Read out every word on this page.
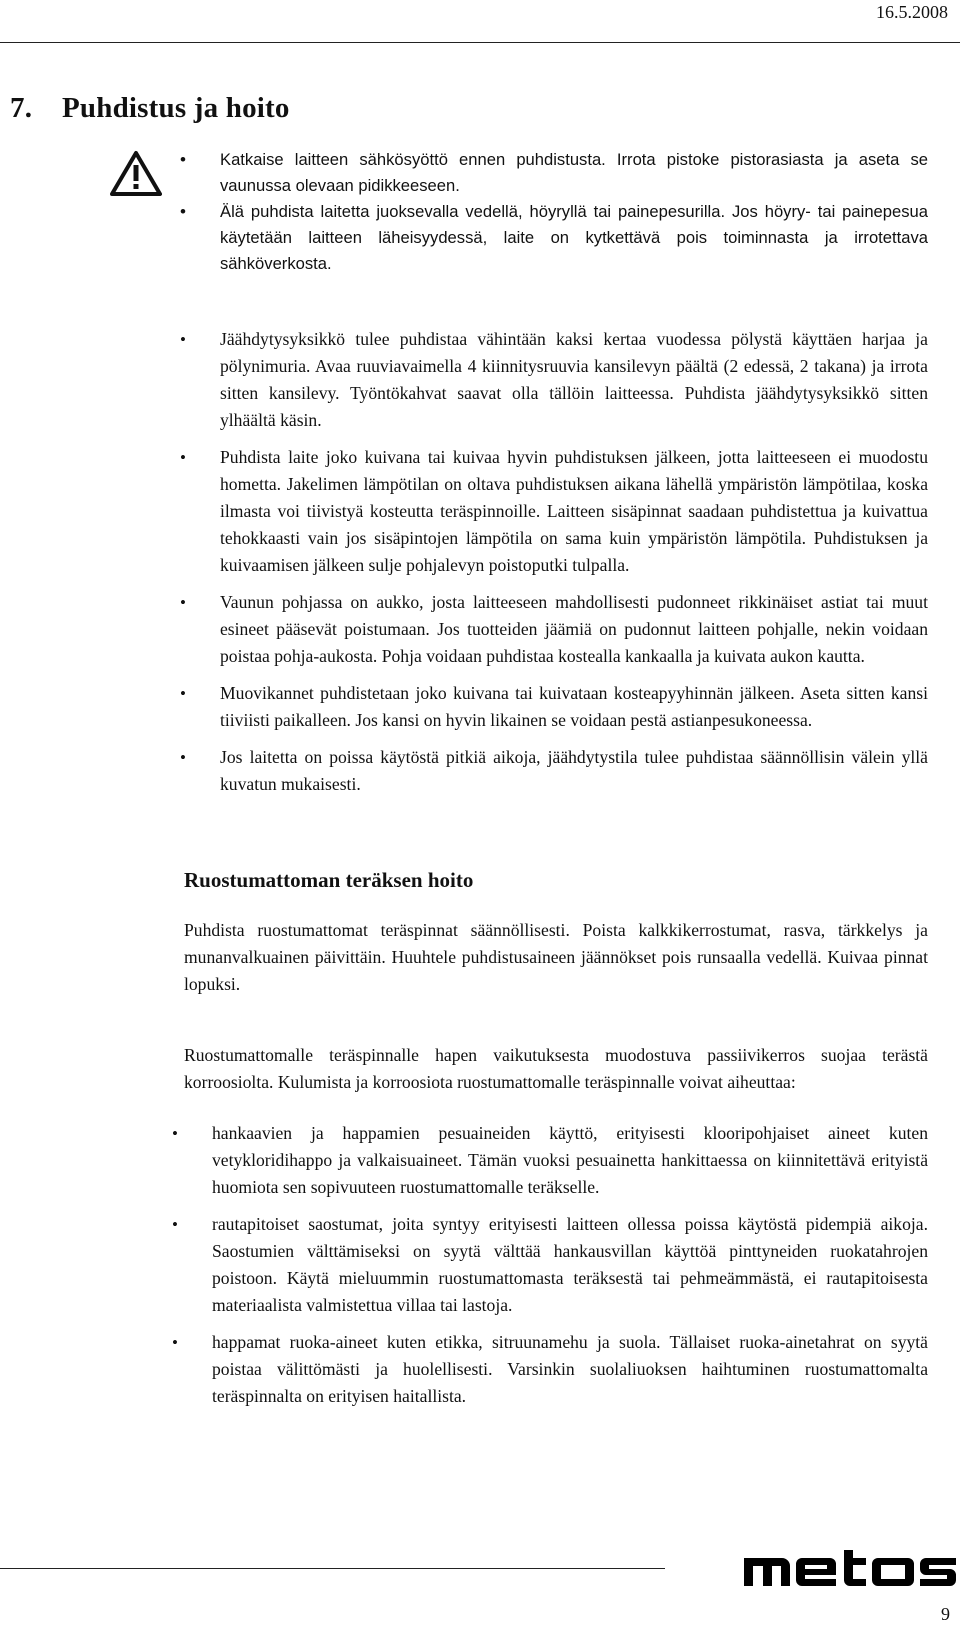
16.5.2008
7. Puhdistus ja hoito
• Katkaise laitteen sähkösyöttö ennen puhdistusta. Irrota pistoke pistorasiasta ja aseta se vaunussa olevaan pidikkeeseen.
• Älä puhdista laitetta juoksevalla vedellä, höyryllä tai painepesurilla. Jos höyry- tai painepesua käytetään laitteen läheisyydessä, laite on kytkettävä pois toiminnasta ja irrotettava sähköverkosta.
• Jäähdytysyksikkö tulee puhdistaa vähintään kaksi kertaa vuodessa pölystä käyttäen harjaa ja pölynimuria. Avaa ruuviavaimella 4 kiinnitysruuvia kansilevyn päältä (2 edessä, 2 takana) ja irrota sitten kansilevy. Työntökahvat saavat olla tällöin laitteessa. Puhdista jäähdytysyksikkö sitten ylhäältä käsin.
• Puhdista laite joko kuivana tai kuivaa hyvin puhdistuksen jälkeen, jotta laitteeseen ei muodostu hometta. Jakelimen lämpötilan on oltava puhdistuksen aikana lähellä ympäristön lämpötilaa, koska ilmasta voi tiivistyä kosteutta teräspinnoille. Laitteen sisäpinnat saadaan puhdistettua ja kuivattua tehokkaasti vain jos sisäpintojen lämpötila on sama kuin ympäristön lämpötila. Puhdistuksen ja kuivaamisen jälkeen sulje pohjalevyn poistoputki tulpalla.
• Vaunun pohjassa on aukko, josta laitteeseen mahdollisesti pudonneet rikkinäiset astiat tai muut esineet pääsevät poistumaan. Jos tuotteiden jäämiä on pudonnut laitteen pohjalle, nekin voidaan poistaa pohja-aukosta. Pohja voidaan puhdistaa kostealla kankaalla ja kuivata aukon kautta.
• Muovikannet puhdistetaan joko kuivana tai kuivataan kosteapyyhinnän jälkeen. Aseta sitten kansi tiiviisti paikalleen. Jos kansi on hyvin likainen se voidaan pestä astianpesukoneessa.
• Jos laitetta on poissa käytöstä pitkiä aikoja, jäähdytystila tulee puhdistaa säännöllisin välein yllä kuvatun mukaisesti.
Ruostumattoman teräksen hoito

Puhdista ruostumattomat teräspinnat säännöllisesti. Poista kalkkikerrostumat, rasva, tärkkelys ja munanvalkuainen päivittäin. Huuhtele puhdistusaineen jäännökset pois runsaalla vedellä. Kuivaa pinnat lopuksi.

Ruostumattomalle teräspinnalle hapen vaikutuksesta muodostuva passiivikerros suojaa terästä korroosiolta. Kulumista ja korroosiota ruostumattomalle teräspinnalle voivat aiheuttaa:

• hankaavien ja happamien pesuaineiden käyttö, erityisesti klooripohjaiset aineet kuten vetykloridihappo ja valkaisuaineet. Tämän vuoksi pesuainetta hankittaessa on kiinnitettävä erityistä huomiota sen sopivuuteen ruostumattomalle teräkselle.
• rautapitoiset saostumat, joita syntyy erityisesti laitteen ollessa poissa käytöstä pidempiä aikoja. Saostumien välttämiseksi on syytä välttää hankausvillan käyttöä pinttyneiden ruokatahrojen poistoon. Käytä mieluummin ruostumattomasta teräksestä tai pehmeämmästä, ei rautapitoisesta materiaalista valmistettua villaa tai lastoja.
• happamat ruoka-aineet kuten etikka, sitruunamehu ja suola. Tällaiset ruoka-ainetahrat on syytä poistaa välittömästi ja huolellisesti. Varsinkin suolaliuoksen haihtuminen ruostumattomalta teräspinnalta on erityisen haitallista.
9
